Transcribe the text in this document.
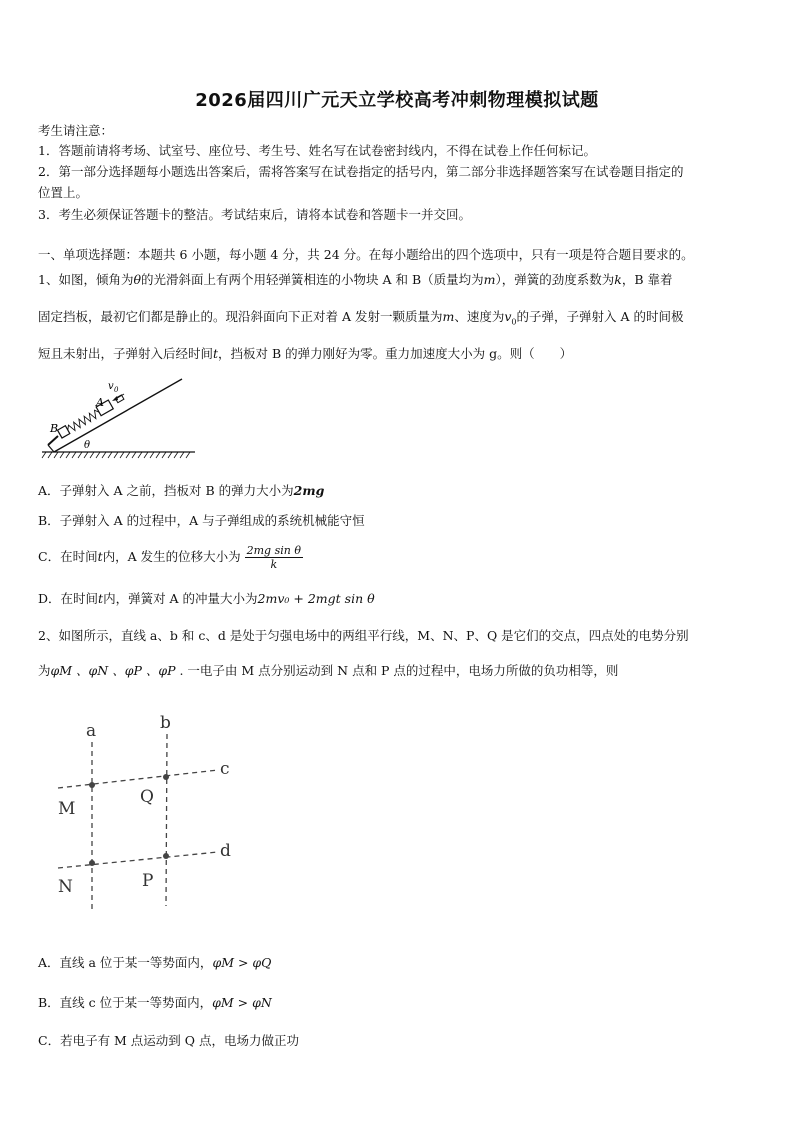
2026届四川广元天立学校高考冲刺物理模拟试题
考生请注意：
1．答题前请将考场、试室号、座位号、考生号、姓名写在试卷密封线内，不得在试卷上作任何标记。
2．第一部分选择题每小题选出答案后，需将答案写在试卷指定的括号内，第二部分非选择题答案写在试卷题目指定的
位置上。
3．考生必须保证答题卡的整洁。考试结束后，请将本试卷和答题卡一并交回。
一、单项选择题：本题共 6 小题，每小题 4 分，共 24 分。在每小题给出的四个选项中，只有一项是符合题目要求的。
1、如图，倾角为θ的光滑斜面上有两个用轻弹簧相连的小物块 A 和 B（质量均为m），弹簧的劲度系数为k，B 靠着
固定挡板，最初它们都是静止的。现沿斜面向下正对着 A 发射一颗质量为m、速度为$v_0$的子弹，子弹射入 A 的时间极
短且未射出，子弹射入后经时间t，挡板对 B 的弹力刚好为零。重力加速度大小为 g。则（　　）
v 0
A
B
θ
A．子弹射入 A 之前，挡板对 B 的弹力大小为2mg
B．子弹射入 A 的过程中，A 与子弹组成的系统机械能守恒
C．在时间t内，A 发生的位移大小为 $\frac{\text{2mg sin θ}}{k}$
D．在时间t内，弹簧对 A 的冲量大小为2mv₀ + 2mgt sin θ
2、如图所示，直线 a、b 和 c、d 是处于匀强电场中的两组平行线，M、N、P、Q 是它们的交点，四点处的电势分别
为φM 、φN 、φP 、φP . 一电子由 M 点分别运动到 N 点和 P 点的过程中，电场力所做的负功相等，则
a	b
c
d
M
Q
N	P
A．直线 a 位于某一等势面内，φM > φQ
B．直线 c 位于某一等势面内，φM > φN
C．若电子有 M 点运动到 Q 点，电场力做正功
